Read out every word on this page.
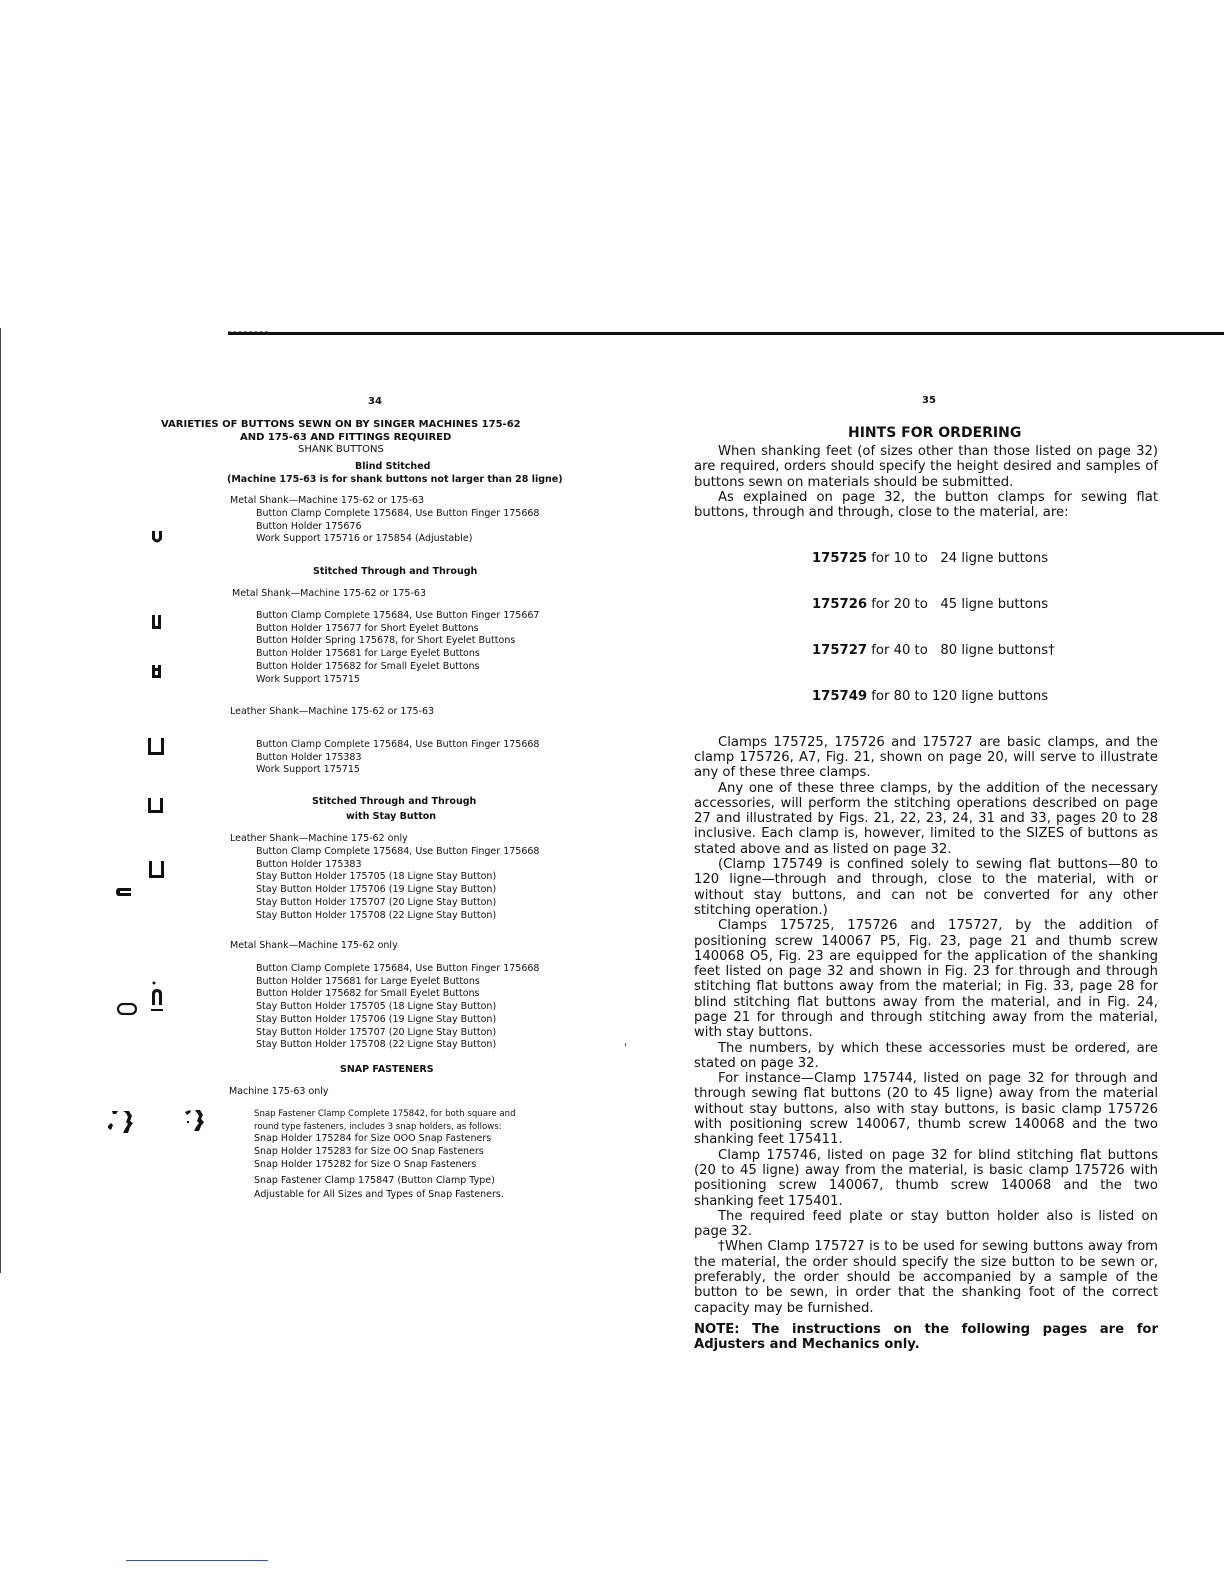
34
VARIETIES OF BUTTONS SEWN ON BY SINGER MACHINES 175-62
AND 175-63 AND FITTINGS REQUIRED
SHANK BUTTONS
Blind Stitched
(Machine 175-63 is for shank buttons not larger than 28 ligne)
Metal Shank—Machine 175-62 or 175-63
Button Clamp Complete 175684, Use Button Finger 175668
Button Holder 175676
Work Support 175716 or 175854 (Adjustable)
Stitched Through and Through
Metal Shank—Machine 175-62 or 175-63
Button Clamp Complete 175684, Use Button Finger 175667
Button Holder 175677 for Short Eyelet Buttons
Button Holder Spring 175678, for Short Eyelet Buttons
Button Holder 175681 for Large Eyelet Buttons
Button Holder 175682 for Small Eyelet Buttons
Work Support 175715
Leather Shank—Machine 175-62 or 175-63
Button Clamp Complete 175684, Use Button Finger 175668
Button Holder 175383
Work Support 175715
Stitched Through and Through
with Stay Button
Leather Shank—Machine 175-62 only
Button Clamp Complete 175684, Use Button Finger 175668
Button Holder 175383
Stay Button Holder 175705 (18 Ligne Stay Button)
Stay Button Holder 175706 (19 Ligne Stay Button)
Stay Button Holder 175707 (20 Ligne Stay Button)
Stay Button Holder 175708 (22 Ligne Stay Button)
Metal Shank—Machine 175-62 only
Button Clamp Complete 175684, Use Button Finger 175668
Button Holder 175681 for Large Eyelet Buttons
Button Holder 175682 for Small Eyelet Buttons
Stay Button Holder 175705 (18 Ligne Stay Button)
Stay Button Holder 175706 (19 Ligne Stay Button)
Stay Button Holder 175707 (20 Ligne Stay Button)
Stay Button Holder 175708 (22 Ligne Stay Button)
SNAP FASTENERS
Machine 175-63 only
Snap Fastener Clamp Complete 175842, for both square and
round type fasteners, includes 3 snap holders, as follows:
Snap Holder 175284 for Size OOO Snap Fasteners
Snap Holder 175283 for Size OO Snap Fasteners
Snap Holder 175282 for Size O Snap Fasteners
Snap Fastener Clamp 175847 (Button Clamp Type)
Adjustable for All Sizes and Types of Snap Fasteners.
35
HINTS FOR ORDERING

When shanking feet (of sizes other than those listed on page 32) are required, orders should specify the height desired and samples of buttons sewn on materials should be submitted.

As explained on page 32, the button clamps for sewing flat buttons, through and through, close to the material, are:

175725 for 10 to   24 ligne buttons

175726 for 20 to   45 ligne buttons

175727 for 40 to   80 ligne buttons†

175749 for 80 to 120 ligne buttons

Clamps 175725, 175726 and 175727 are basic clamps, and the clamp 175726, A7, Fig. 21, shown on page 20, will serve to illustrate any of these three clamps.

Any one of these three clamps, by the addition of the necessary accessories, will perform the stitching operations described on page 27 and illustrated by Figs. 21, 22, 23, 24, 31 and 33, pages 20 to 28 inclusive. Each clamp is, however, limited to the SIZES of buttons as stated above and as listed on page 32.

(Clamp 175749 is confined solely to sewing flat buttons—80 to 120 ligne—through and through, close to the material, with or without stay buttons, and can not be converted for any other stitching operation.)

Clamps 175725, 175726 and 175727, by the addition of positioning screw 140067 P5, Fig. 23, page 21 and thumb screw 140068 O5, Fig. 23 are equipped for the application of the shanking feet listed on page 32 and shown in Fig. 23 for through and through stitching flat buttons away from the material; in Fig. 33, page 28 for blind stitching flat buttons away from the material, and in Fig. 24, page 21 for through and through stitching away from the material, with stay buttons.

The numbers, by which these accessories must be ordered, are stated on page 32.

For instance—Clamp 175744, listed on page 32 for through and through sewing flat buttons (20 to 45 ligne) away from the material without stay buttons, also with stay buttons, is basic clamp 175726 with positioning screw 140067, thumb screw 140068 and the two shanking feet 175411.

Clamp 175746, listed on page 32 for blind stitching flat buttons (20 to 45 ligne) away from the material, is basic clamp 175726 with positioning screw 140067, thumb screw 140068 and the two shanking feet 175401.

The required feed plate or stay button holder also is listed on page 32.

†When Clamp 175727 is to be used for sewing buttons away from the material, the order should specify the size button to be sewn or, preferably, the order should be accompanied by a sample of the button to be sewn, in order that the shanking foot of the correct capacity may be furnished.

NOTE: The instructions on the following pages are for Adjusters and Mechanics only.
